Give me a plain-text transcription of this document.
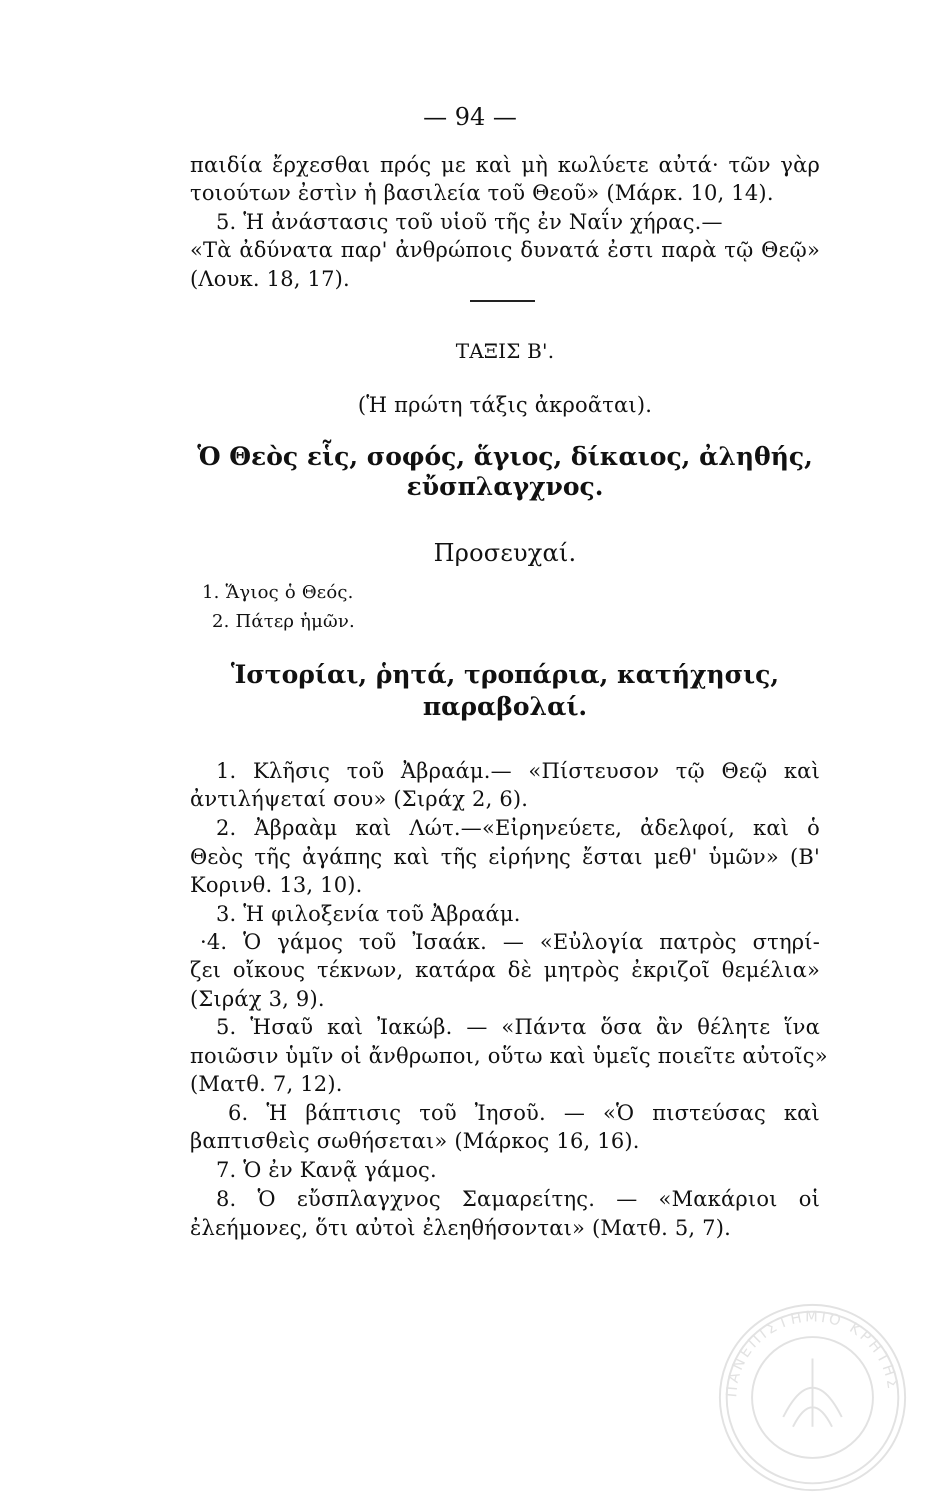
— 94 —
παιδία ἔρχεσθαι πρός με καὶ μὴ κωλύετε αὐτά· τῶν γὰρ
τοιούτων ἐστὶν ἡ βασιλεία τοῦ Θεοῦ» (Μάρκ. 10, 14).
5. Ἡ ἀνάστασις τοῦ υἱοῦ τῆς ἐν Ναΐν χήρας.—
«Τὰ ἀδύνατα παρ' ἀνθρώποις δυνατά ἐστι παρὰ τῷ Θεῷ»
(Λουκ. 18, 17).
ΤΑΞΙΣ Β'.
(Ἡ πρώτη τάξις ἀκροᾶται).
Ὁ Θεὸς εἷς, σοφός, ἅγιος, δίκαιος, ἀληθής,
εὔσπλαγχνος.
Προσευχαί.
1. Ἅγιος ὁ Θεός.
2. Πάτερ ἡμῶν.
Ἱστορίαι, ῥητά, τροπάρια, κατήχησις,
παραβολαί.
1. Κλῆσις τοῦ Ἀβραάμ.— «Πίστευσον τῷ Θεῷ καὶ
ἀντιλήψεταί σου» (Σιράχ 2, 6).
2. Ἀβραὰμ καὶ Λώτ.—«Εἰρηνεύετε, ἀδελφοί, καὶ ὁ
Θεὸς τῆς ἀγάπης καὶ τῆς εἰρήνης ἔσται μεθ' ὑμῶν» (Β'
Κορινθ. 13, 10).
3. Ἡ φιλοξενία τοῦ Ἀβραάμ.
·4. Ὁ γάμος τοῦ Ἰσαάκ. — «Εὐλογία πατρὸς στηρί-
ζει οἴκους τέκνων, κατάρα δὲ μητρὸς ἐκριζοῖ θεμέλια»
(Σιράχ 3, 9).
5. Ἡσαῦ καὶ Ἰακώβ. — «Πάντα ὅσα ἂν θέλητε ἵνα
ποιῶσιν ὑμῖν οἱ ἄνθρωποι, οὕτω καὶ ὑμεῖς ποιεῖτε αὐτοῖς»
(Ματθ. 7, 12).
6. Ἡ βάπτισις τοῦ Ἰησοῦ. — «Ὁ πιστεύσας καὶ
βαπτισθεὶς σωθήσεται» (Μάρκος 16, 16).
7. Ὁ ἐν Κανᾷ γάμος.
8. Ὁ εὔσπλαγχνος Σαμαρείτης. — «Μακάριοι οἱ
ἐλεήμονες, ὅτι αὐτοὶ ἐλεηθήσονται» (Ματθ. 5, 7).
ΠΑΝΕΠΙΣΤΗΜΙΟ ΚΡΗΤΗΣ
